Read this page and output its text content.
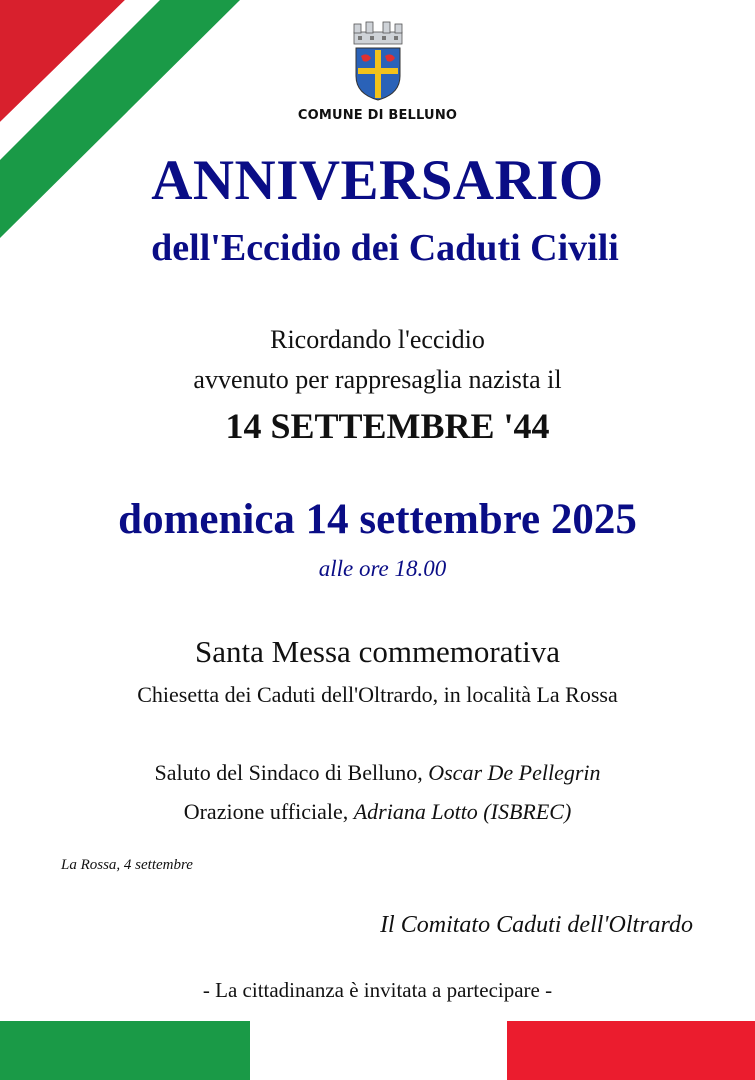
COMUNE DI BELLUNO
ANNIVERSARIO
dell'Eccidio dei Caduti Civili
Ricordando l'eccidio
avvenuto per rappresaglia nazista il
14 SETTEMBRE '44
domenica 14 settembre 2025
alle ore 18.00
Santa Messa commemorativa
Chiesetta dei Caduti dell'Oltrardo, in località La Rossa
Saluto del Sindaco di Belluno, Oscar De Pellegrin
Orazione ufficiale, Adriana Lotto (ISBREC)
La Rossa, 4 settembre
Il Comitato Caduti dell'Oltrardo
- La cittadinanza è invitata a partecipare -
